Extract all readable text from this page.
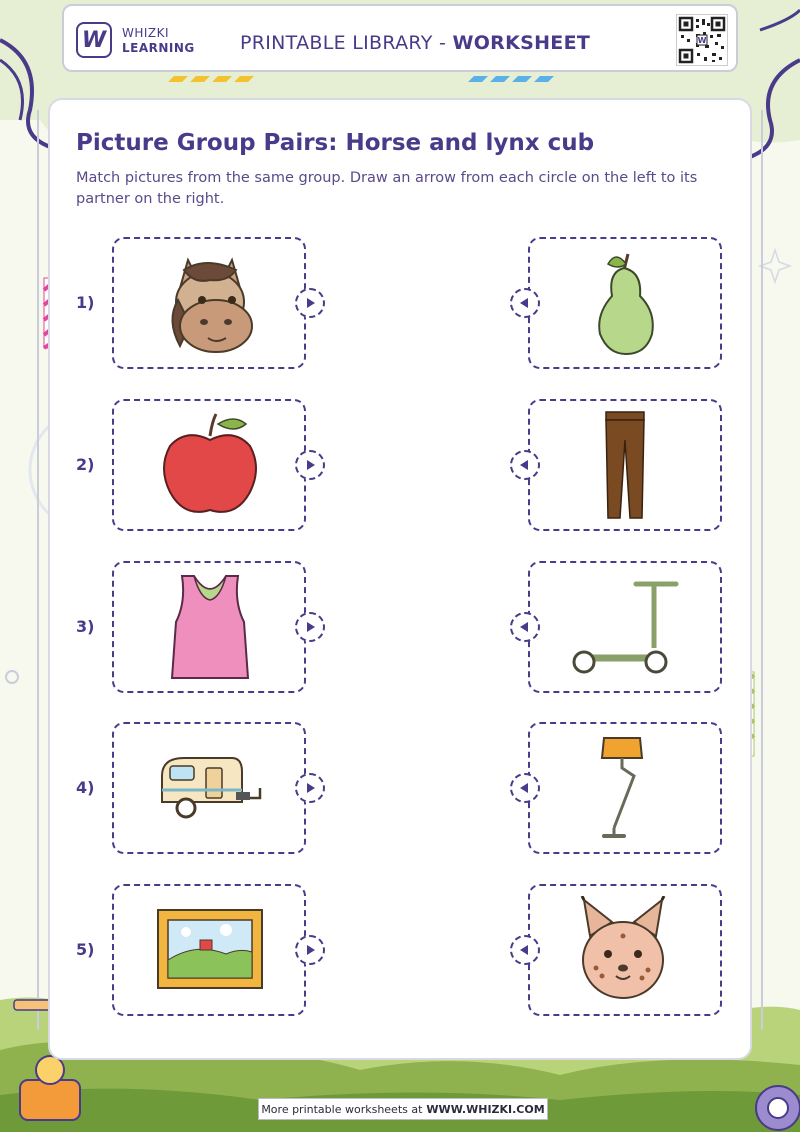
W WHIZKI
LEARNING PRINTABLE LIBRARY - WORKSHEET	W
Picture Group Pairs: Horse and lynx cub
Match pictures from the same group. Draw an arrow from each circle on the left to its partner on the right.
1)
2)
3)
4)
5)
More printable worksheets at WWW.WHIZKI.COM
